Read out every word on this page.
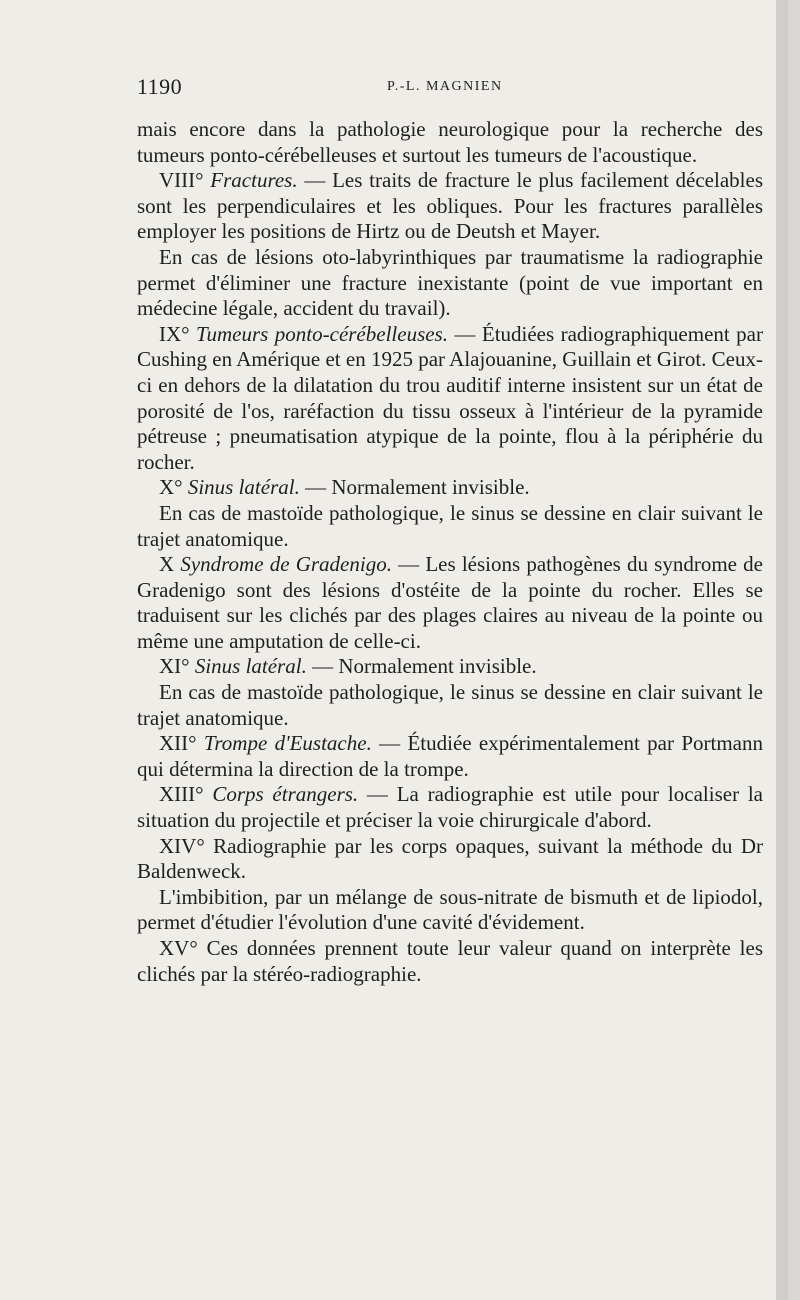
1190	P.-L. MAGNIEN

mais encore dans la pathologie neurologique pour la recherche des tumeurs ponto-cérébelleuses et surtout les tumeurs de l'acoustique.

VIII° Fractures. — Les traits de fracture le plus facilement décelables sont les perpendiculaires et les obliques. Pour les fractures parallèles employer les positions de Hirtz ou de Deutsh et Mayer.

En cas de lésions oto-labyrinthiques par traumatisme la radiographie permet d'éliminer une fracture inexistante (point de vue important en médecine légale, accident du travail).

IX° Tumeurs ponto-cérébelleuses. — Étudiées radiographiquement par Cushing en Amérique et en 1925 par Alajouanine, Guillain et Girot. Ceux-ci en dehors de la dilatation du trou auditif interne insistent sur un état de porosité de l'os, raréfaction du tissu osseux à l'intérieur de la pyramide pétreuse ; pneumatisation atypique de la pointe, flou à la périphérie du rocher.

X° Sinus latéral. — Normalement invisible.

En cas de mastoïde pathologique, le sinus se dessine en clair suivant le trajet anatomique.

X Syndrome de Gradenigo. — Les lésions pathogènes du syndrome de Gradenigo sont des lésions d'ostéite de la pointe du rocher. Elles se traduisent sur les clichés par des plages claires au niveau de la pointe ou même une amputation de celle-ci.

XI° Sinus latéral. — Normalement invisible.

En cas de mastoïde pathologique, le sinus se dessine en clair suivant le trajet anatomique.

XII° Trompe d'Eustache. — Étudiée expérimentalement par Portmann qui détermina la direction de la trompe.

XIII° Corps étrangers. — La radiographie est utile pour localiser la situation du projectile et préciser la voie chirurgicale d'abord.

XIV° Radiographie par les corps opaques, suivant la méthode du Dr Baldenweck.

L'imbibition, par un mélange de sous-nitrate de bismuth et de lipiodol, permet d'étudier l'évolution d'une cavité d'évidement.

XV° Ces données prennent toute leur valeur quand on interprète les clichés par la stéréo-radiographie.
